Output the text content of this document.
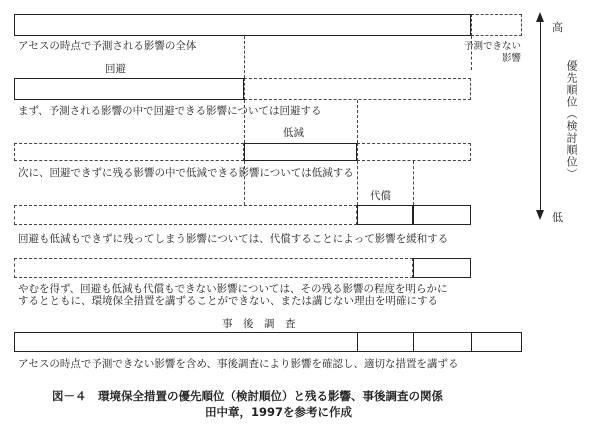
アセスの時点で予測される影響の全体	予測できない
影響
回避
まず、予測される影響の中で回避できる影響については回避する
低減
次に、回避できずに残る影響の中で低減できる影響については低減する
代償
回避も低減もできずに残ってしまう影響については、代償することによって影響を緩和する
やむを得ず、回避も低減も代償もできない影響については、その残る影響の程度を明らかに
するとともに、環境保全措置を講ずることができない、または講じない理由を明確にする
事　後　調　査
アセスの時点で予測できない影響を含め、事後調査により影響を確認し、適切な措置を講ずる
高
低
優先順位（検討順位）
図－４　環境保全措置の優先順位（検討順位）と残る影響、事後調査の関係
田中章，1997を参考に作成
